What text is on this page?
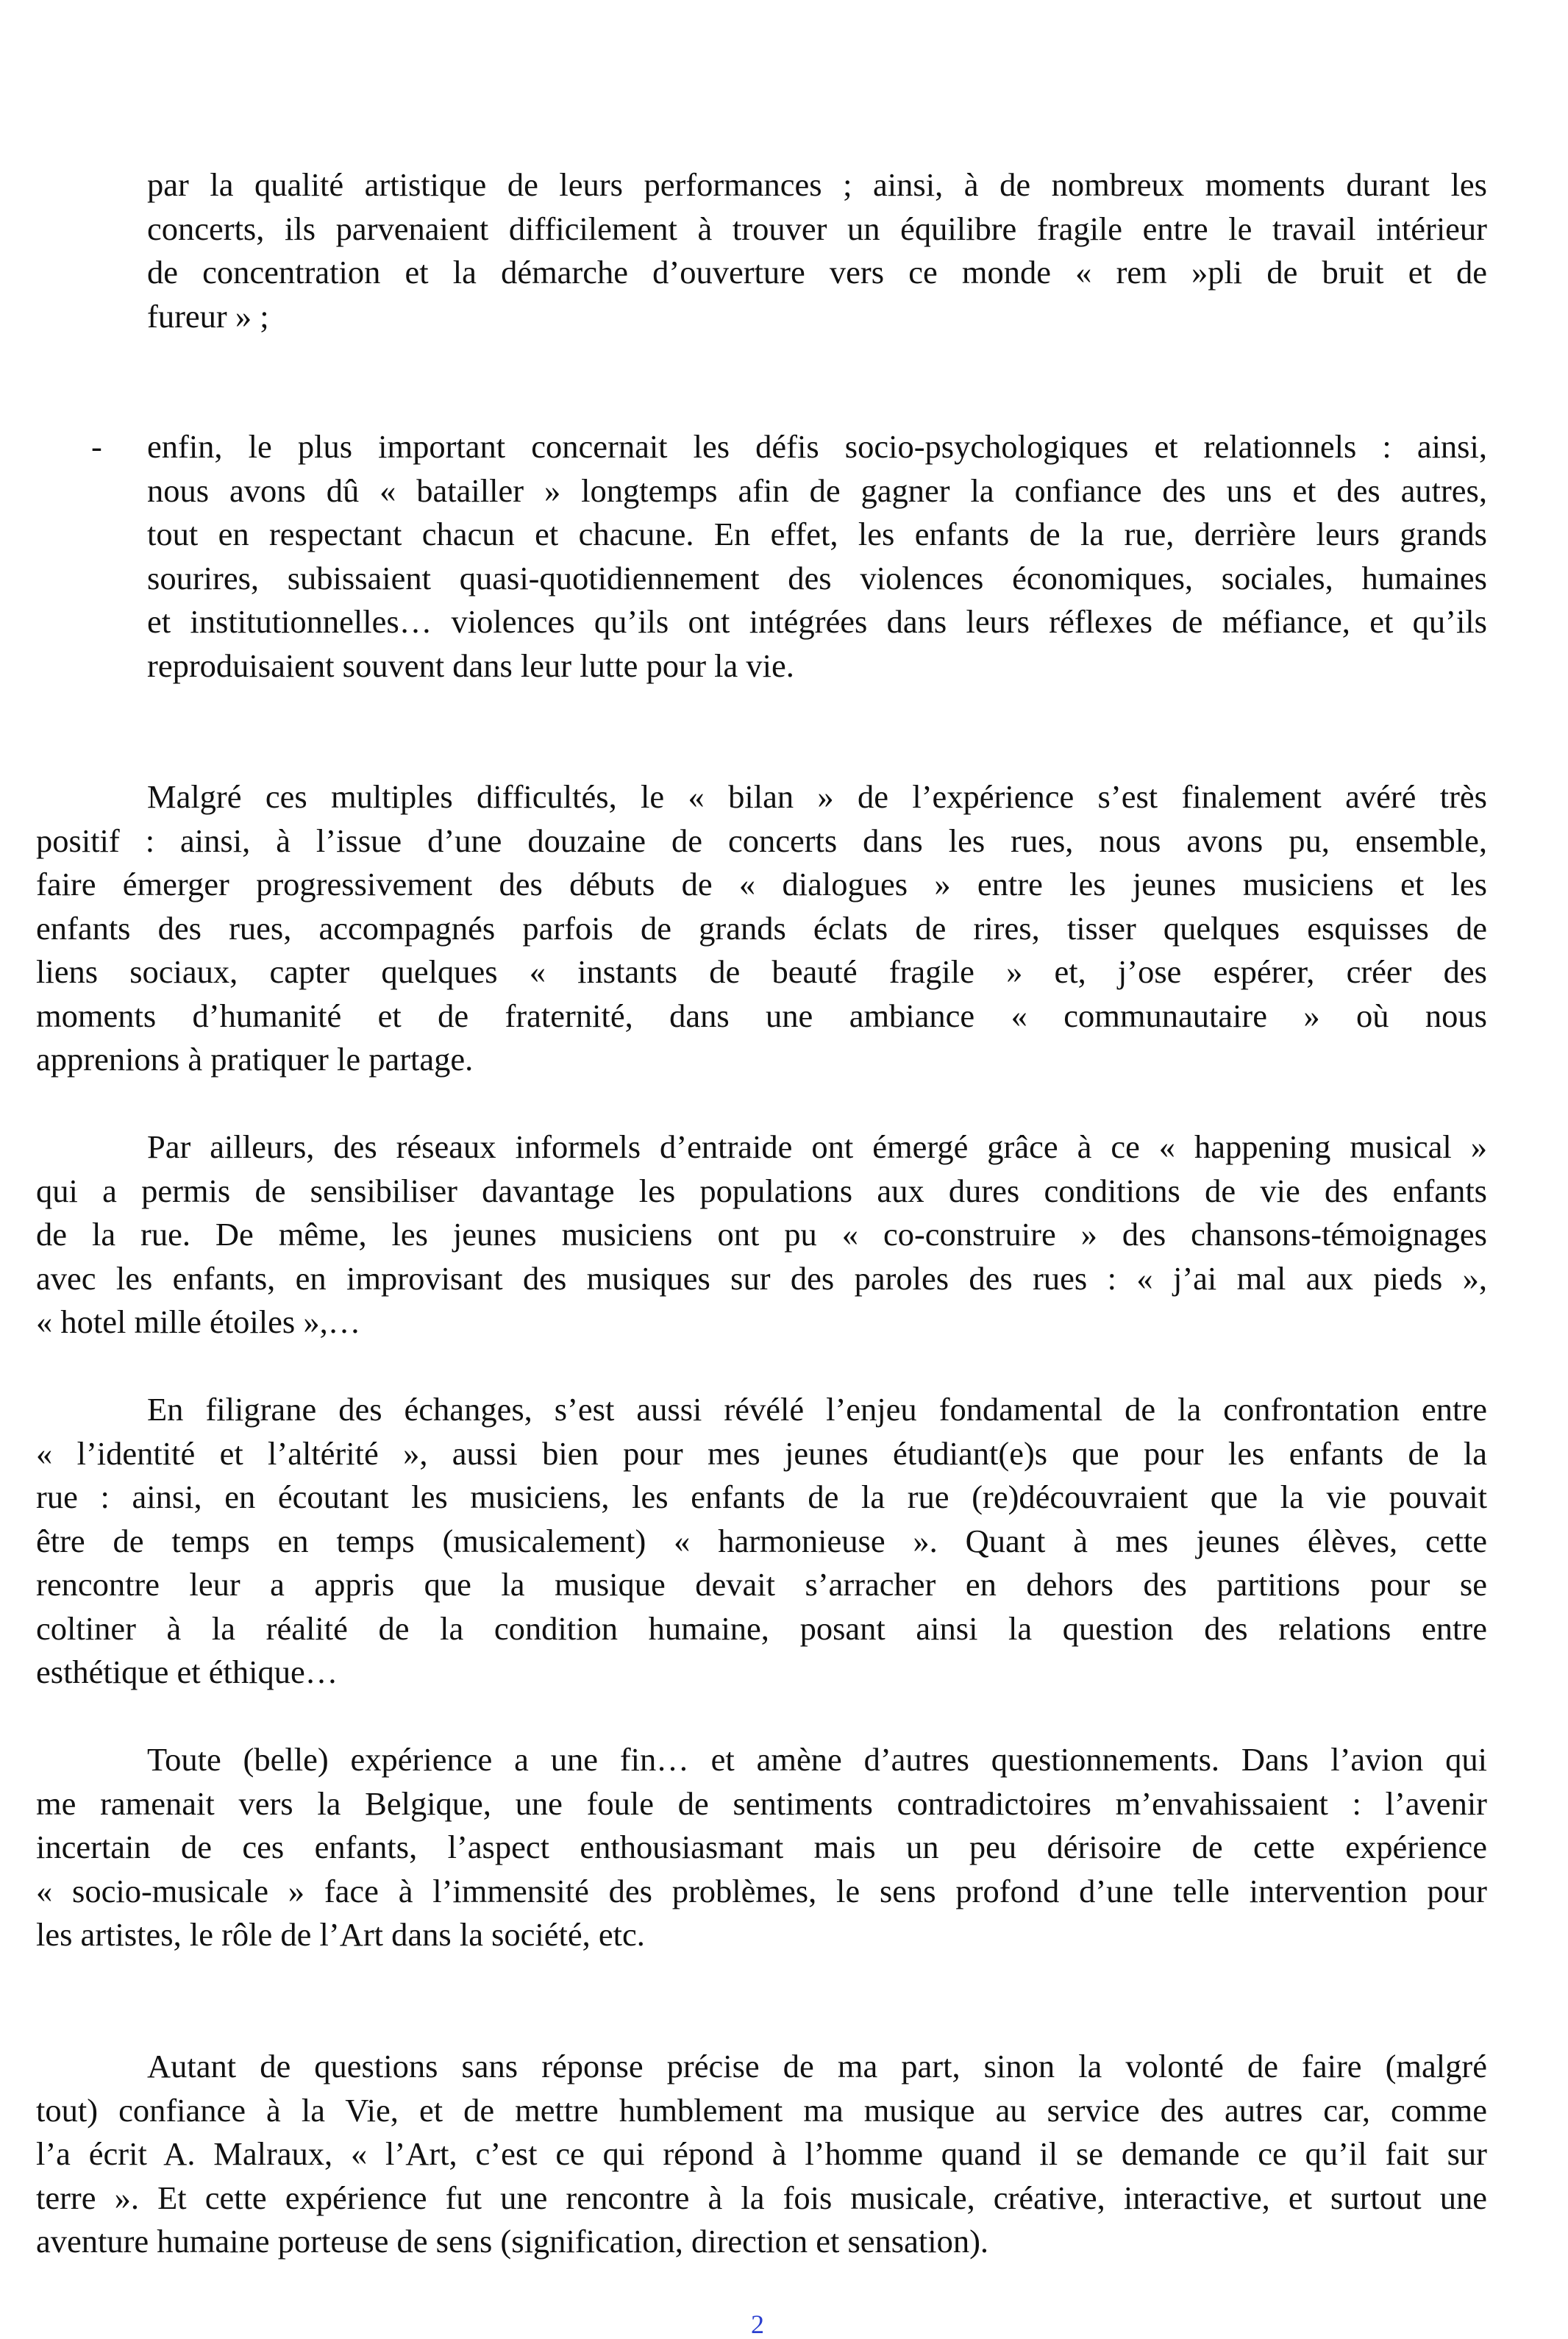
par la qualité artistique de leurs performances ; ainsi, à de nombreux moments durant les
concerts, ils parvenaient difficilement à trouver un équilibre fragile entre le travail intérieur
de concentration et la démarche d’ouverture vers ce monde « rem »pli de bruit et de
fureur » ;
- enfin, le plus important concernait les défis socio-psychologiques et relationnels : ainsi,
nous avons dû « batailler » longtemps afin de gagner la confiance des uns et des autres,
tout en respectant chacun et chacune. En effet, les enfants de la rue, derrière leurs grands
sourires, subissaient quasi-quotidiennement des violences économiques, sociales, humaines
et institutionnelles… violences qu’ils ont intégrées dans leurs réflexes de méfiance, et qu’ils
reproduisaient souvent dans leur lutte pour la vie.
Malgré ces multiples difficultés, le « bilan » de l’expérience s’est finalement avéré très
positif : ainsi, à l’issue d’une douzaine de concerts dans les rues, nous avons pu, ensemble,
faire émerger progressivement des débuts de « dialogues » entre les jeunes musiciens et les
enfants des rues, accompagnés parfois de grands éclats de rires, tisser quelques esquisses de
liens sociaux, capter quelques « instants de beauté fragile » et, j’ose espérer, créer des
moments d’humanité et de fraternité, dans une ambiance « communautaire » où nous
apprenions à pratiquer le partage.
Par ailleurs, des réseaux informels d’entraide ont émergé grâce à ce « happening musical »
qui a permis de sensibiliser davantage les populations aux dures conditions de vie des enfants
de la rue. De même, les jeunes musiciens ont pu « co-construire » des chansons-témoignages
avec les enfants, en improvisant des musiques sur des paroles des rues : « j’ai mal aux pieds »,
« hotel mille étoiles »,…
En filigrane des échanges, s’est aussi révélé l’enjeu fondamental de la confrontation entre
« l’identité et l’altérité », aussi bien pour mes jeunes étudiant(e)s que pour les enfants de la
rue : ainsi, en écoutant les musiciens, les enfants de la rue (re)découvraient que la vie pouvait
être de temps en temps (musicalement) « harmonieuse ». Quant à mes jeunes élèves, cette
rencontre leur a appris que la musique devait s’arracher en dehors des partitions pour se
coltiner à la réalité de la condition humaine, posant ainsi la question des relations entre
esthétique et éthique…
Toute (belle) expérience a une fin… et amène d’autres questionnements. Dans l’avion qui
me ramenait vers la Belgique, une foule de sentiments contradictoires m’envahissaient : l’avenir
incertain de ces enfants, l’aspect enthousiasmant mais un peu dérisoire de cette expérience
« socio-musicale » face à l’immensité des problèmes, le sens profond d’une telle intervention pour
les artistes, le rôle de l’Art dans la société, etc.
Autant de questions sans réponse précise de ma part, sinon la volonté de faire (malgré
tout) confiance à la Vie, et de mettre humblement ma musique au service des autres car, comme
l’a écrit A. Malraux, « l’Art, c’est ce qui répond à l’homme quand il se demande ce qu’il fait sur
terre ». Et cette expérience fut une rencontre à la fois musicale, créative, interactive, et surtout une
aventure humaine porteuse de sens (signification, direction et sensation).
2
